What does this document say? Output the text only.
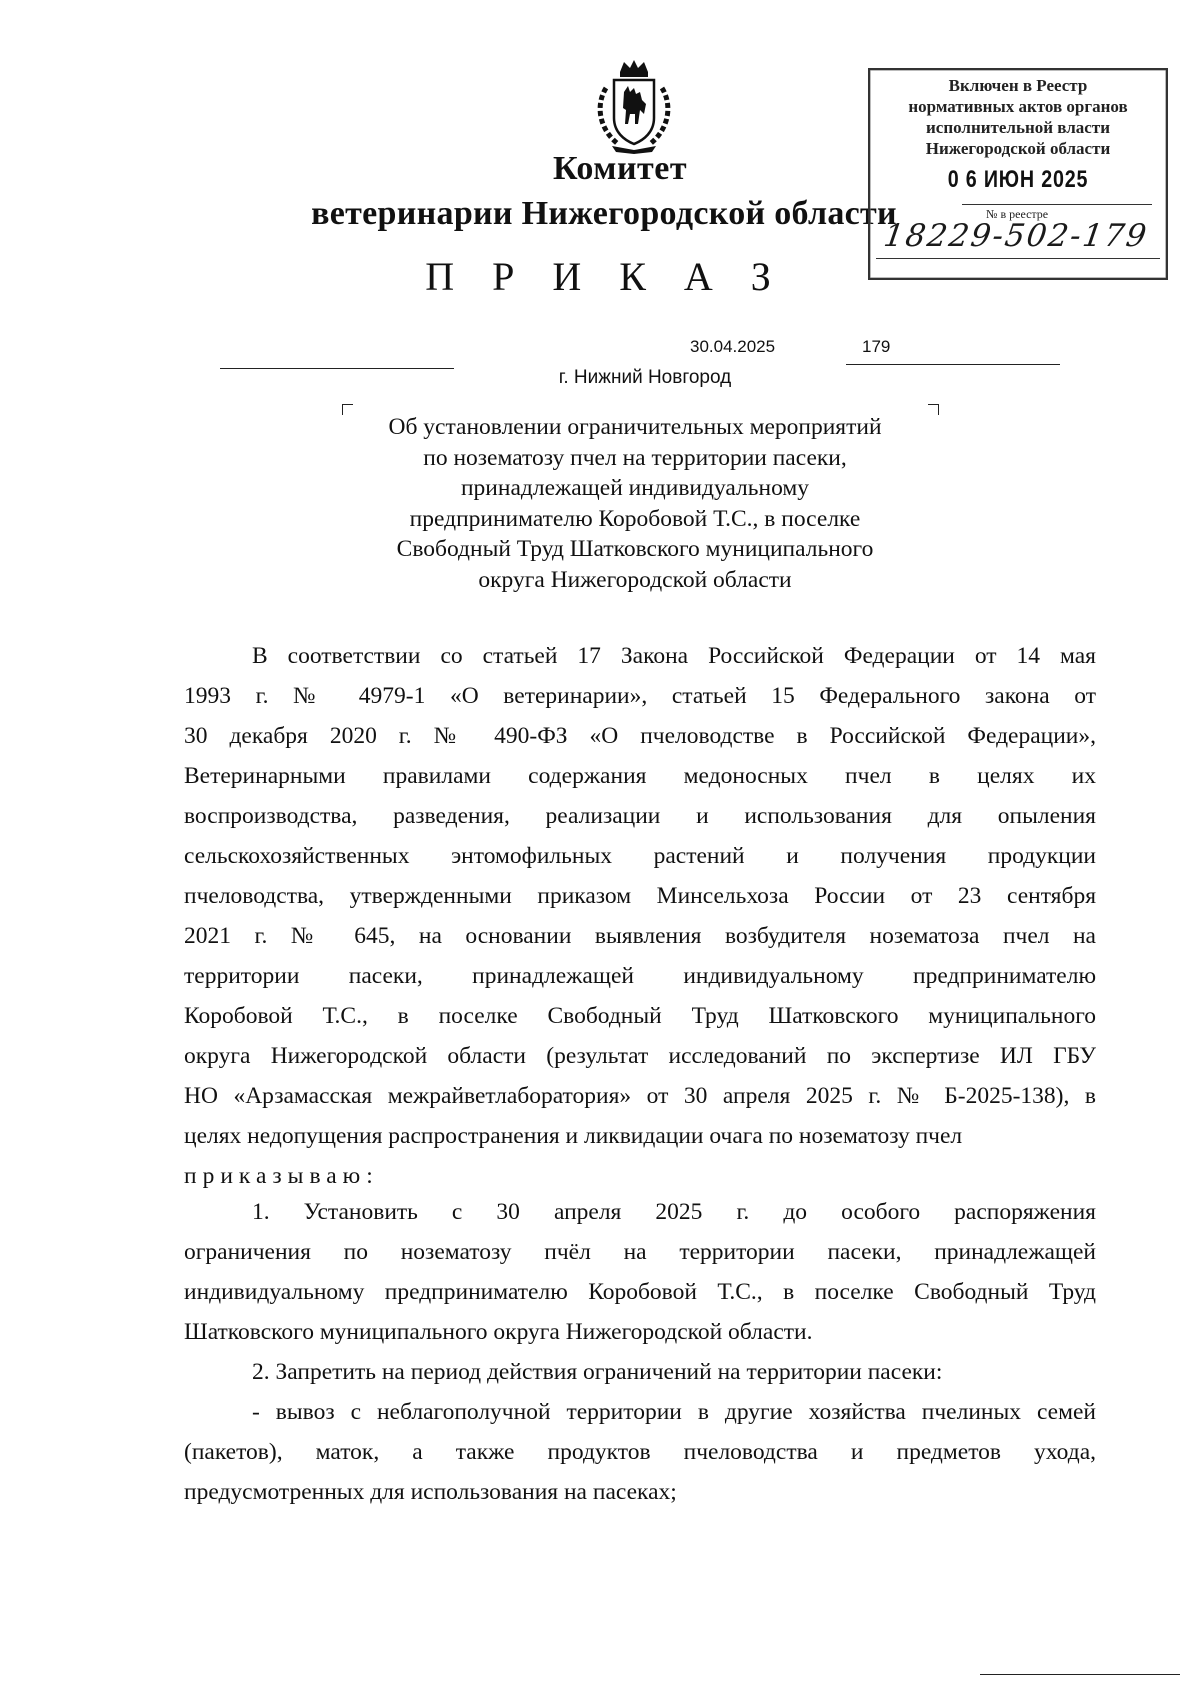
Комитет
ветеринарии Нижегородской области
П Р И К А З
Включен в Реестр
нормативных актов органов
исполнительной власти
Нижегородской области
0 6 ИЮН 2025
№ в реестре
18229-502-179
30.04.2025	179
г. Нижний Новгород
Об установлении ограничительных мероприятий
по нозематозу пчел на территории пасеки,
принадлежащей индивидуальному
предпринимателю Коробовой Т.С., в поселке
Свободный Труд Шатковского муниципального
округа Нижегородской области
В соответствии со статьей 17 Закона Российской Федерации от 14 мая
1993 г. № 4979-1 «О ветеринарии», статьей 15 Федерального закона от
30 декабря 2020 г. № 490-ФЗ «О пчеловодстве в Российской Федерации»,
Ветеринарными правилами содержания медоносных пчел в целях их
воспроизводства, разведения, реализации и использования для опыления
сельскохозяйственных энтомофильных растений и получения продукции
пчеловодства, утвержденными приказом Минсельхоза России от 23 сентября
2021 г. № 645, на основании выявления возбудителя нозематоза пчел на
территории пасеки, принадлежащей индивидуальному предпринимателю
Коробовой Т.С., в поселке Свободный Труд Шатковского муниципального
округа Нижегородской области (результат исследований по экспертизе ИЛ ГБУ
НО «Арзамасская межрайветлаборатория» от 30 апреля 2025 г. № Б-2025-138), в
целях недопущения распространения и ликвидации очага по нозематозу пчел
приказываю:
1. Установить с 30 апреля 2025 г. до особого распоряжения
ограничения по нозематозу пчёл на территории пасеки, принадлежащей
индивидуальному предпринимателю Коробовой Т.С., в поселке Свободный Труд
Шатковского муниципального округа Нижегородской области.
2. Запретить на период действия ограничений на территории пасеки:
- вывоз с неблагополучной территории в другие хозяйства пчелиных семей
(пакетов), маток, а также продуктов пчеловодства и предметов ухода,
предусмотренных для использования на пасеках;
